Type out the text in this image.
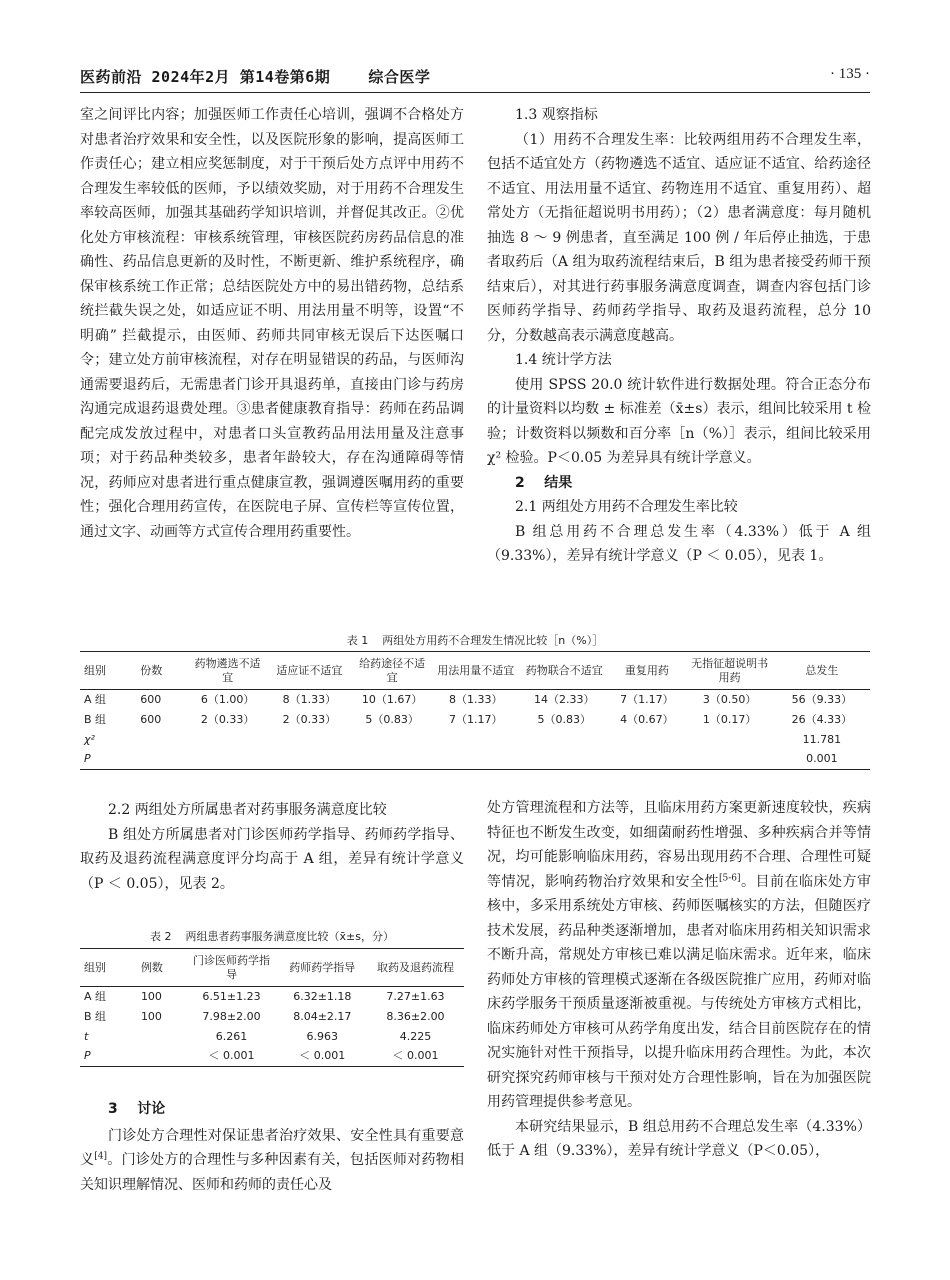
医药前沿 2024年2月 第14卷第6期    综合医学	· 135 ·

室之间评比内容；加强医师工作责任心培训，强调不合格处方对患者治疗效果和安全性，以及医院形象的影响，提高医师工作责任心；建立相应奖惩制度，对于干预后处方点评中用药不合理发生率较低的医师，予以绩效奖励，对于用药不合理发生率较高医师，加强其基础药学知识培训，并督促其改正。②优化处方审核流程：审核系统管理，审核医院药房药品信息的准确性、药品信息更新的及时性，不断更新、维护系统程序，确保审核系统工作正常；总结医院处方中的易出错药物，总结系统拦截失误之处，如适应证不明、用法用量不明等，设置“不明确” 拦截提示，由医师、药师共同审核无误后下达医嘱口令；建立处方前审核流程，对存在明显错误的药品，与医师沟通需要退药后，无需患者门诊开具退药单，直接由门诊与药房沟通完成退药退费处理。③患者健康教育指导：药师在药品调配完成发放过程中，对患者口头宣教药品用法用量及注意事项；对于药品种类较多，患者年龄较大，存在沟通障碍等情况，药师应对患者进行重点健康宣教，强调遵医嘱用药的重要性；强化合理用药宣传，在医院电子屏、宣传栏等宣传位置，通过文字、动画等方式宣传合理用药重要性。

1.3 观察指标

（1）用药不合理发生率：比较两组用药不合理发生率，包括不适宜处方（药物遴选不适宜、适应证不适宜、给药途径不适宜、用法用量不适宜、药物连用不适宜、重复用药）、超常处方（无指征超说明书用药）；（2）患者满意度：每月随机抽选 8 ～ 9 例患者，直至满足 100 例 / 年后停止抽选，于患者取药后（A 组为取药流程结束后，B 组为患者接受药师干预结束后），对其进行药事服务满意度调查，调查内容包括门诊医师药学指导、药师药学指导、取药及退药流程，总分 10 分，分数越高表示满意度越高。

1.4 统计学方法

使用 SPSS 20.0 统计软件进行数据处理。符合正态分布的计量资料以均数 ± 标准差（x̄±s）表示，组间比较采用 t 检验；计数资料以频数和百分率［n（%）］表示，组间比较采用 χ² 检验。P＜0.05 为差异具有统计学意义。

2    结果

2.1 两组处方用药不合理发生率比较

B 组总用药不合理总发生率（4.33%）低于 A 组（9.33%），差异有统计学意义（P ＜ 0.05），见表 1。

表 1    两组处方用药不合理发生情况比较［n（%）］
组别	份数	药物遴选不适宜	适应证不适宜	给药途径不适宜	用法用量不适宜	药物联合不适宜	重复用药	无指征超说明书用药	总发生
A 组	600	6（1.00）	8（1.33）	10（1.67）	8（1.33）	14（2.33）	7（1.17）	3（0.50）	56（9.33）
B 组	600	2（0.33）	2（0.33）	5（0.83）	7（1.17）	5（0.83）	4（0.67）	1（0.17）	26（4.33）
χ²									11.781
P									0.001

2.2 两组处方所属患者对药事服务满意度比较

B 组处方所属患者对门诊医师药学指导、药师药学指导、取药及退药流程满意度评分均高于 A 组，差异有统计学意义（P ＜ 0.05），见表 2。

表 2    两组患者药事服务满意度比较（x̄±s，分）
组别	例数	门诊医师药学指导	药师药学指导	取药及退药流程
A 组	100	6.51±1.23	6.32±1.18	7.27±1.63
B 组	100	7.98±2.00	8.04±2.17	8.36±2.00
t		6.261	6.963	4.225
P		＜ 0.001	＜ 0.001	＜ 0.001

3    讨论

门诊处方合理性对保证患者治疗效果、安全性具有重要意义[4]。门诊处方的合理性与多种因素有关，包括医师对药物相关知识理解情况、医师和药师的责任心及

处方管理流程和方法等，且临床用药方案更新速度较快，疾病特征也不断发生改变，如细菌耐药性增强、多种疾病合并等情况，均可能影响临床用药，容易出现用药不合理、合理性可疑等情况，影响药物治疗效果和安全性[5-6]。目前在临床处方审核中，多采用系统处方审核、药师医嘱核实的方法，但随医疗技术发展，药品种类逐渐增加，患者对临床用药相关知识需求不断升高，常规处方审核已难以满足临床需求。近年来，临床药师处方审核的管理模式逐渐在各级医院推广应用，药师对临床药学服务干预质量逐渐被重视。与传统处方审核方式相比，临床药师处方审核可从药学角度出发，结合目前医院存在的情况实施针对性干预指导，以提升临床用药合理性。为此，本次研究探究药师审核与干预对处方合理性影响，旨在为加强医院用药管理提供参考意见。

本研究结果显示，B 组总用药不合理总发生率（4.33%）低于 A 组（9.33%），差异有统计学意义（P＜0.05），
